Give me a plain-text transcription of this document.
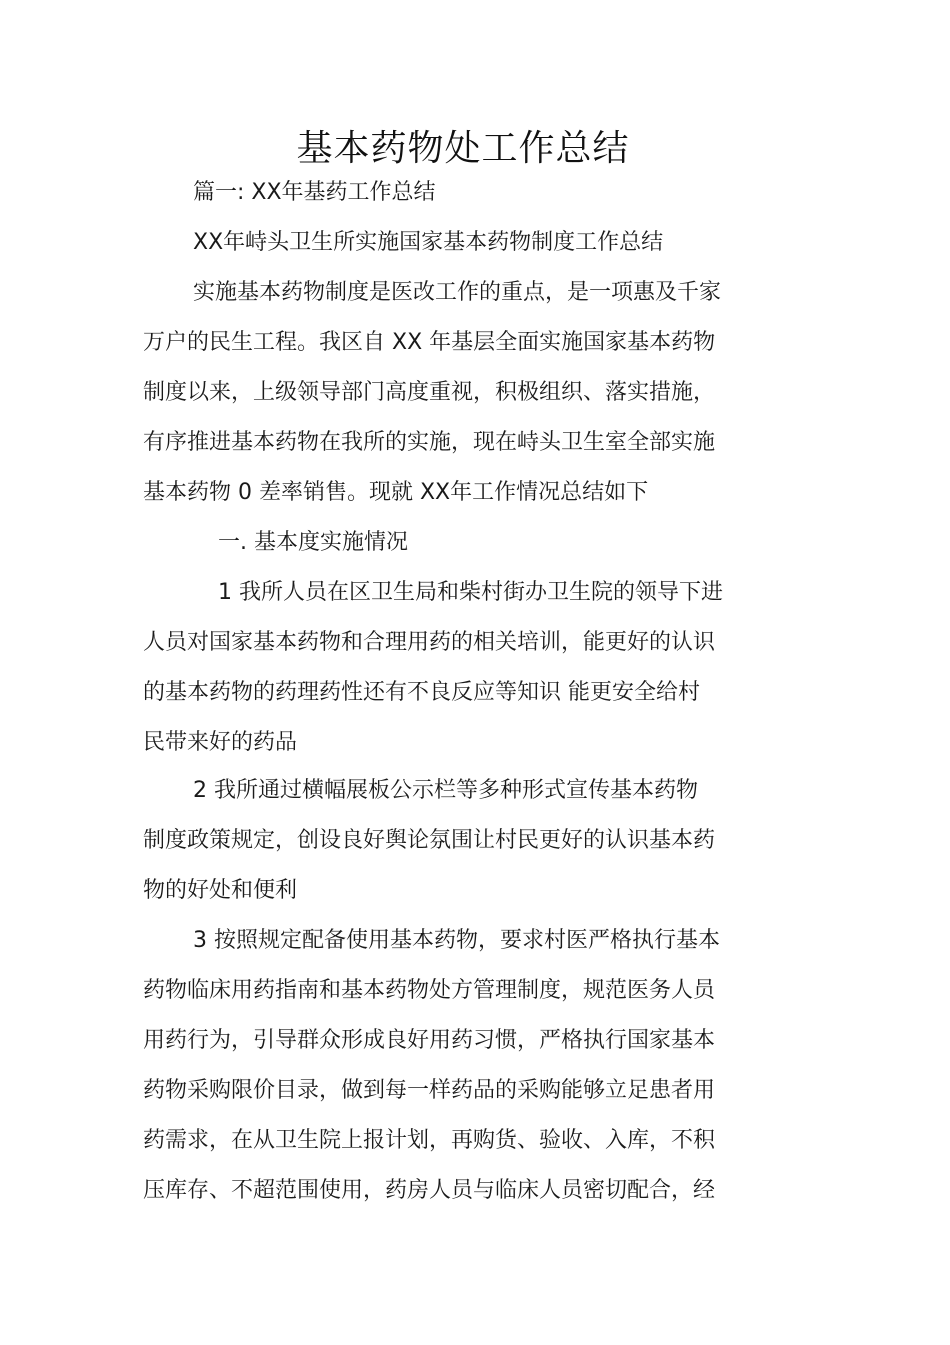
基本药物处工作总结
篇一: XX年基药工作总结
XX年峙头卫生所实施国家基本药物制度工作总结
实施基本药物制度是医改工作的重点，是一项惠及千家
万户的民生工程。我区自 XX 年基层全面实施国家基本药物
制度以来，上级领导部门高度重视，积极组织、落实措施，
有序推进基本药物在我所的实施，现在峙头卫生室全部实施
基本药物 0 差率销售。现就 XX年工作情况总结如下
一. 基本度实施情况
1 我所人员在区卫生局和柴村街办卫生院的领导下进
人员对国家基本药物和合理用药的相关培训，能更好的认识
的基本药物的药理药性还有不良反应等知识 能更安全给村
民带来好的药品
2 我所通过横幅展板公示栏等多种形式宣传基本药物
制度政策规定，创设良好舆论氛围让村民更好的认识基本药
物的好处和便利
3 按照规定配备使用基本药物，要求村医严格执行基本
药物临床用药指南和基本药物处方管理制度，规范医务人员
用药行为，引导群众形成良好用药习惯，严格执行国家基本
药物采购限价目录，做到每一样药品的采购能够立足患者用
药需求，在从卫生院上报计划，再购货、验收、入库，不积
压库存、不超范围使用，药房人员与临床人员密切配合，经
